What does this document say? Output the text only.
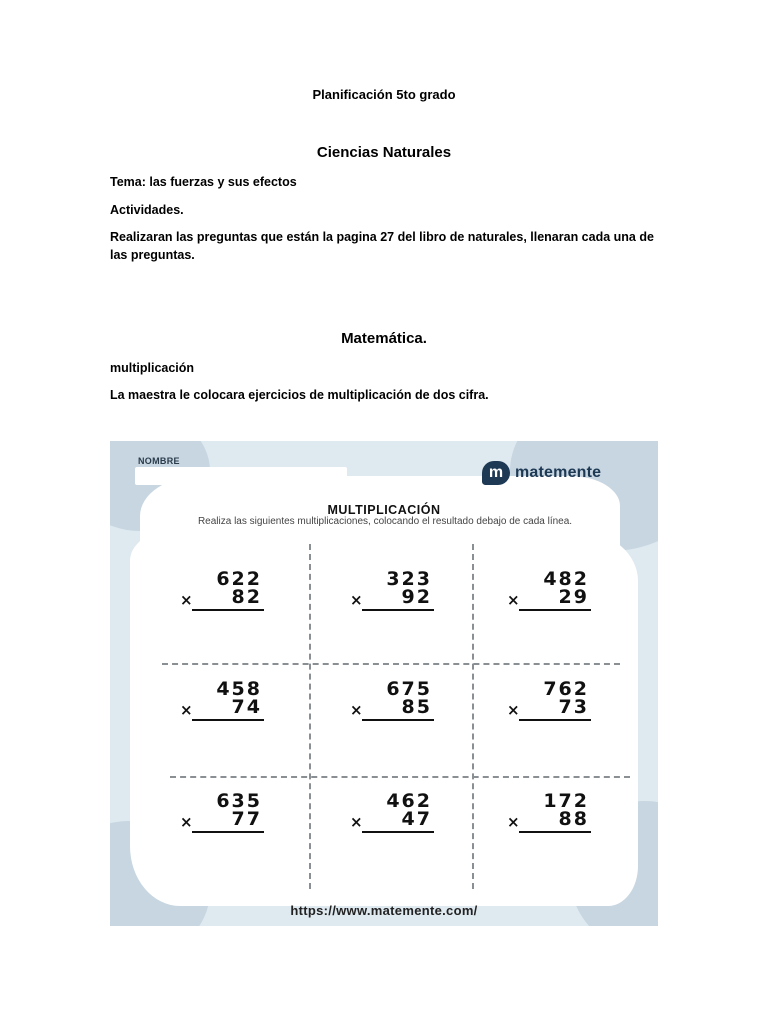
Planificación 5to grado
Ciencias Naturales
Tema: las fuerzas y sus efectos
Actividades.
Realizaran las preguntas que están la pagina 27 del libro de naturales, llenaran cada una de las preguntas.
Matemática.
multiplicación
La maestra le colocara ejercicios de multiplicación de dos cifra.
NOMBRE
m matemente
MULTIPLICACIÓN
Realiza las siguientes multiplicaciones, colocando el resultado debajo de cada línea.
622
× 82
323
× 92
482
× 29
458
× 74
675
× 85
762
× 73
635
× 77
462
× 47
172
× 88
https://www.matemente.com/
